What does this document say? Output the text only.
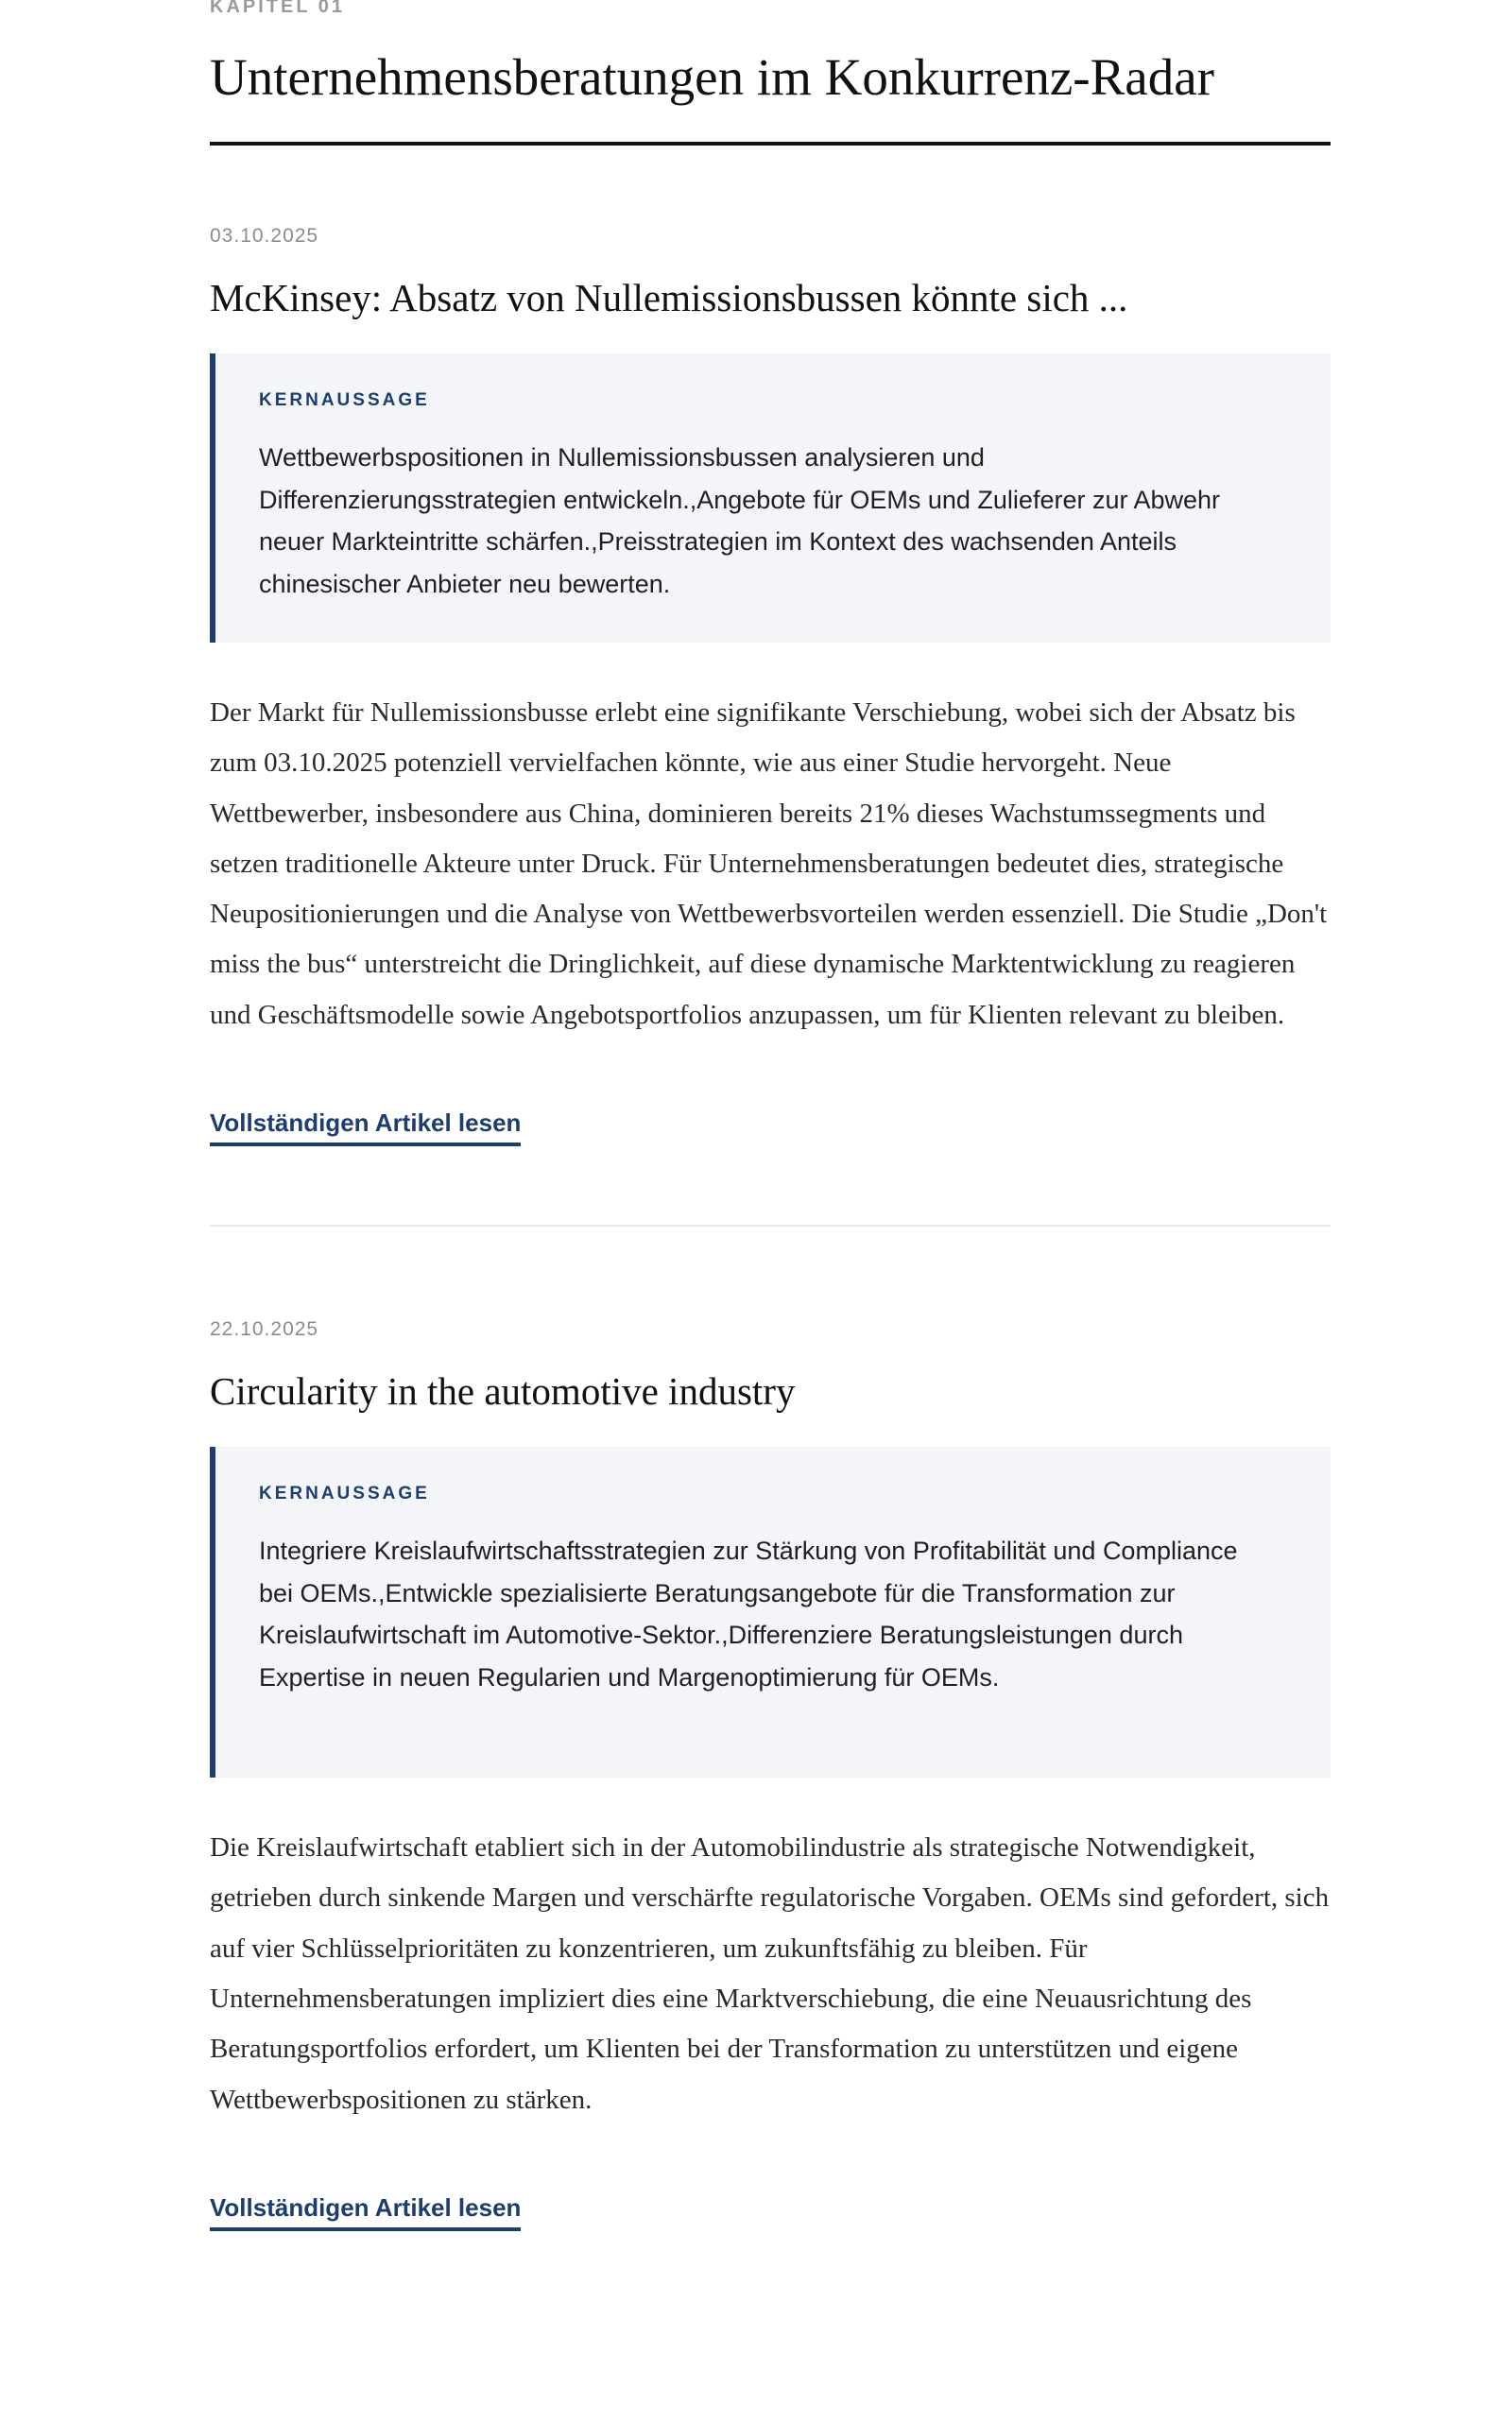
KAPITEL 01
Unternehmensberatungen im Konkurrenz-Radar
03.10.2025
McKinsey: Absatz von Nullemissionsbussen könnte sich ...
KERNAUSSAGE
Wettbewerbspositionen in Nullemissionsbussen analysieren und Differenzierungsstrategien entwickeln.,Angebote für OEMs und Zulieferer zur Abwehr neuer Markteintritte schärfen.,Preisstrategien im Kontext des wachsenden Anteils chinesischer Anbieter neu bewerten.

Der Markt für Nullemissionsbusse erlebt eine signifikante Verschiebung, wobei sich der Absatz bis zum 03.10.2025 potenziell vervielfachen könnte, wie aus einer Studie hervorgeht. Neue Wettbewerber, insbesondere aus China, dominieren bereits 21% dieses Wachstumssegments und setzen traditionelle Akteure unter Druck. Für Unternehmensberatungen bedeutet dies, strategische Neupositionierungen und die Analyse von Wettbewerbsvorteilen werden essenziell. Die Studie „Don't miss the bus“ unterstreicht die Dringlichkeit, auf diese dynamische Marktentwicklung zu reagieren und Geschäftsmodelle sowie Angebotsportfolios anzupassen, um für Klienten relevant zu bleiben.

Vollständigen Artikel lesen
22.10.2025
Circularity in the automotive industry
KERNAUSSAGE
Integriere Kreislaufwirtschaftsstrategien zur Stärkung von Profitabilität und Compliance bei OEMs.,Entwickle spezialisierte Beratungsangebote für die Transformation zur Kreislaufwirtschaft im Automotive-Sektor.,Differenziere Beratungsleistungen durch Expertise in neuen Regularien und Margenoptimierung für OEMs.

Die Kreislaufwirtschaft etabliert sich in der Automobilindustrie als strategische Notwendigkeit, getrieben durch sinkende Margen und verschärfte regulatorische Vorgaben. OEMs sind gefordert, sich auf vier Schlüsselprioritäten zu konzentrieren, um zukunftsfähig zu bleiben. Für Unternehmensberatungen impliziert dies eine Marktverschiebung, die eine Neuausrichtung des Beratungsportfolios erfordert, um Klienten bei der Transformation zu unterstützen und eigene Wettbewerbspositionen zu stärken.

Vollständigen Artikel lesen
